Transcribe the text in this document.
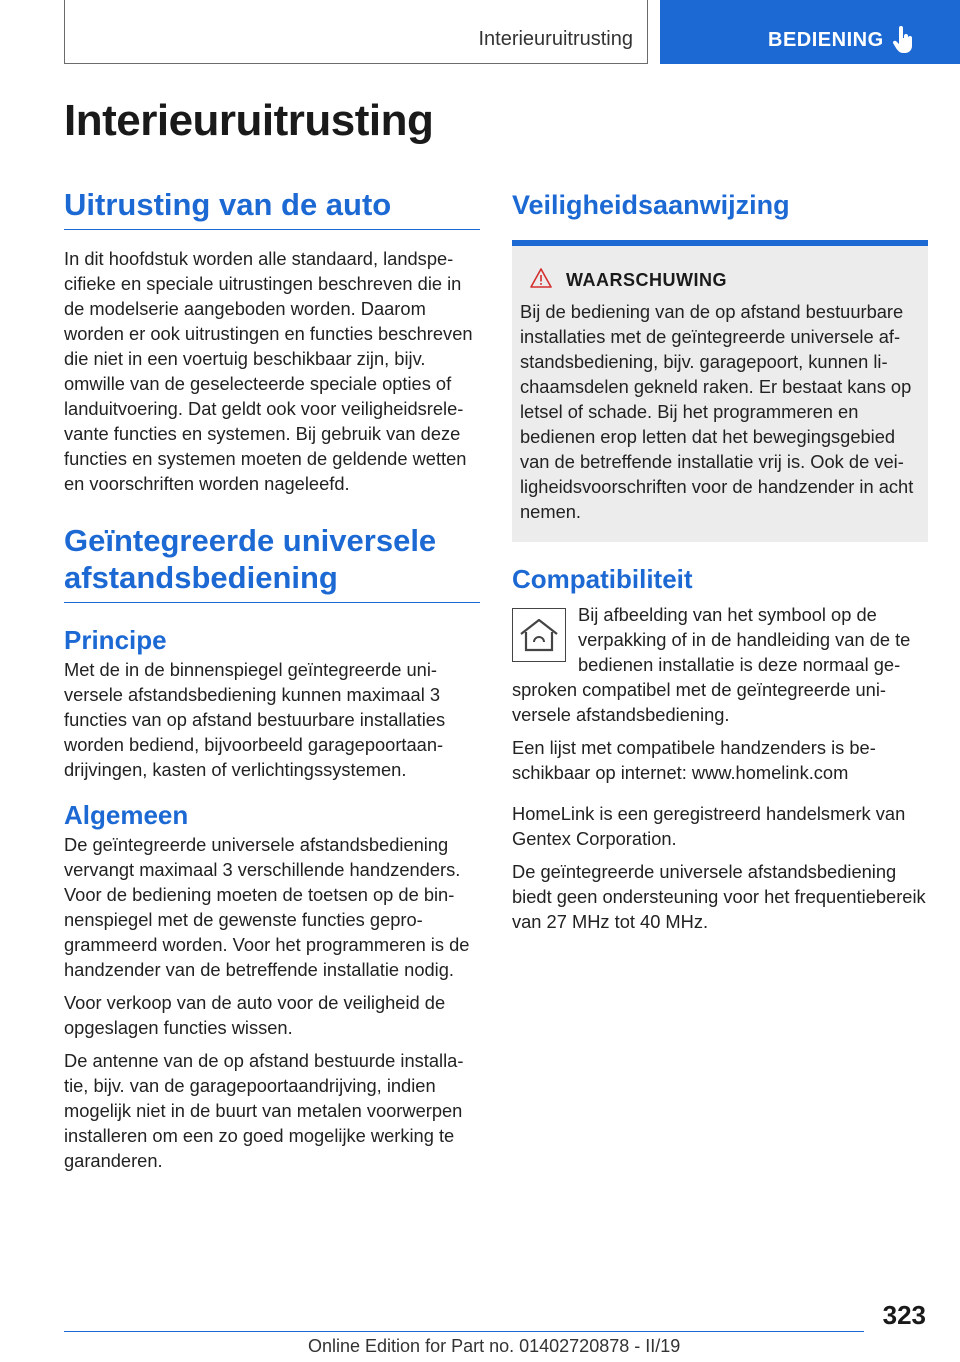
Interieuruitrusting	BEDIENING
Interieuruitrusting
Uitrusting van de auto

In dit hoofdstuk worden alle standaard, landspecifieke en speciale uitrustingen beschreven die in de modelserie aangeboden worden. Daarom worden er ook uitrustingen en functies beschreven die niet in een voertuig beschikbaar zijn, bijv. omwille van de geselecteerde speciale opties of landuitvoering. Dat geldt ook voor veiligheidsrelevante functies en systemen. Bij gebruik van deze functies en systemen moeten de geldende wetten en voorschriften worden nageleefd.

Geïntegreerde universele afstandsbediening
Principe

Met de in de binnenspiegel geïntegreerde universele afstandsbediening kunnen maximaal 3 functies van op afstand bestuurbare installaties worden bediend, bijvoorbeeld garagepoortaandrijvingen, kasten of verlichtingssystemen.

Algemeen

De geïntegreerde universele afstandsbediening vervangt maximaal 3 verschillende handzenders. Voor de bediening moeten de toetsen op de binnenspiegel met de gewenste functies geprogrammeerd worden. Voor het programmeren is de handzender van de betreffende installatie nodig.

Voor verkoop van de auto voor de veiligheid de opgeslagen functies wissen.

De antenne van de op afstand bestuurde installatie, bijv. van de garagepoortaandrijving, indien mogelijk niet in de buurt van metalen voorwerpen installeren om een zo goed mogelijke werking te garanderen.

Veiligheidsaanwijzing
WAARSCHUWING

Bij de bediening van de op afstand bestuurbare installaties met de geïntegreerde universele afstandsbediening, bijv. garagepoort, kunnen lichaamsdelen gekneld raken. Er bestaat kans op letsel of schade. Bij het programmeren en bedienen erop letten dat het bewegingsgebied van de betreffende installatie vrij is. Ook de veiligheidsvoorschriften voor de handzender in acht nemen.

Compatibiliteit

Bij afbeelding van het symbool op de verpakking of in de handleiding van de te bedienen installatie is deze normaal gesproken compatibel met de geïntegreerde universele afstandsbediening.

Een lijst met compatibele handzenders is beschikbaar op internet: www.homelink.com

HomeLink is een geregistreerd handelsmerk van Gentex Corporation.

De geïntegreerde universele afstandsbediening biedt geen ondersteuning voor het frequentiebereik van 27 MHz tot 40 MHz.

323
Online Edition for Part no. 01402720878 - II/19
